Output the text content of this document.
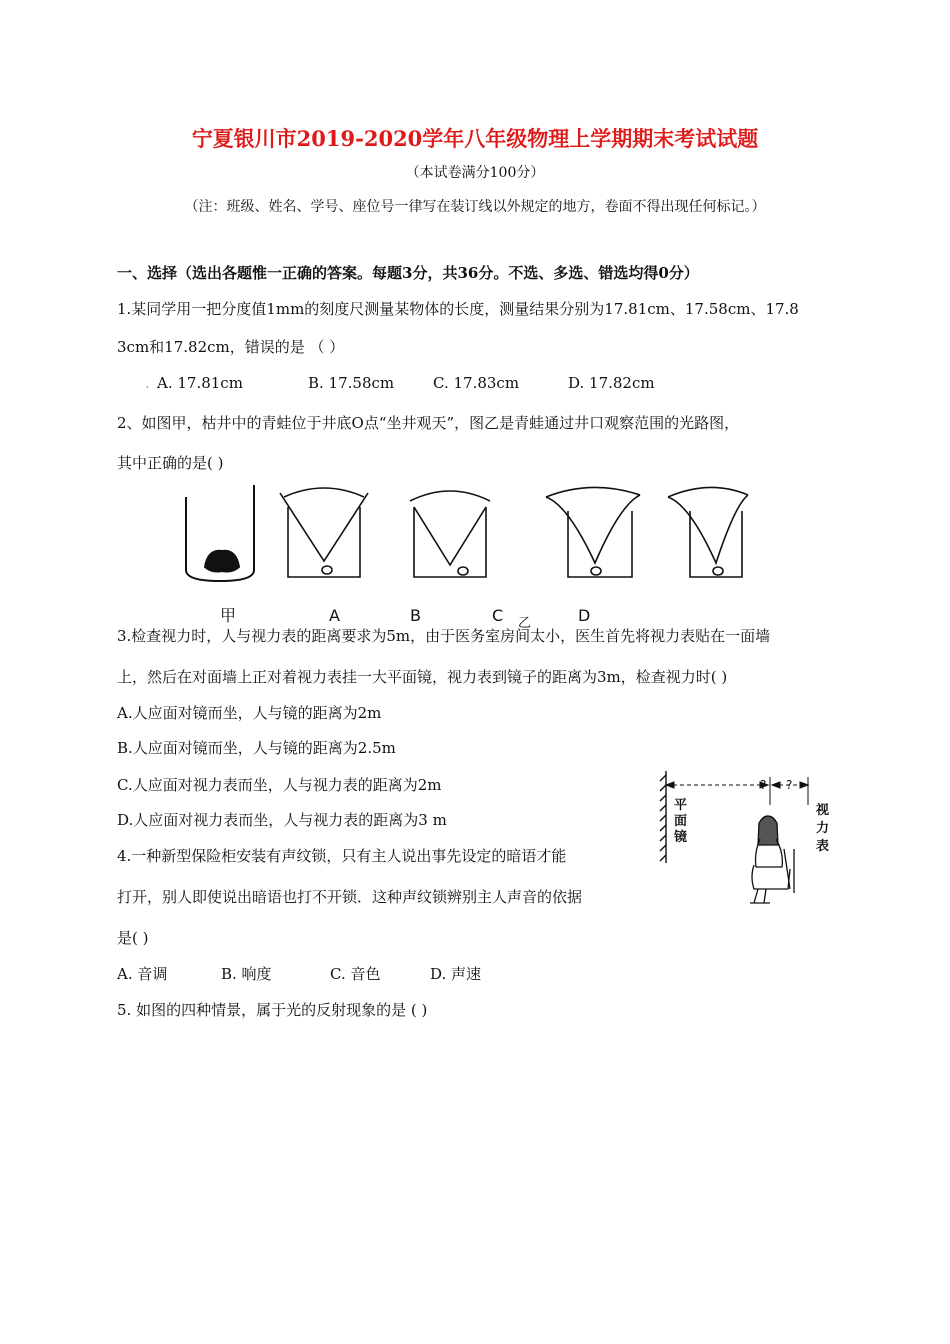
宁夏银川市2019-2020学年八年级物理上学期期末考试试题
（本试卷满分100分）
（注：班级、姓名、学号、座位号一律写在装订线以外规定的地方，卷面不得出现任何标记。）
一、选择（选出各题惟一正确的答案。每题3分，共36分。不选、多选、错选均得0分）
1.某同学用一把分度值1mm的刻度尺测量某物体的长度，测量结果分别为17.81cm、17.58cm、17.8
3cm和17.82cm，错误的是 （ ）
. A. 17.81cm	B. 17.58cm	C. 17.83cm	D. 17.82cm
2、如图甲，枯井中的青蛙位于井底O点“坐井观天”，图乙是青蛙通过井口观察范围的光路图，
其中正确的是( )
甲	A	B	C 乙	D
3.检查视力时，人与视力表的距离要求为5m，由于医务室房间太小，医生首先将视力表贴在一面墙
上，然后在对面墙上正对着视力表挂一大平面镜，视力表到镜子的距离为3m，检查视力时( )
A.人应面对镜而坐，人与镜的距离为2m
B.人应面对镜而坐，人与镜的距离为2.5m
C.人应面对视力表而坐，人与视力表的距离为2m
D.人应面对视力表而坐，人与视力表的距离为3 m
? ?
平
面
镜
视
力
表
4.一种新型保险柜安装有声纹锁，只有主人说出事先设定的暗语才能
打开，别人即使说出暗语也打不开锁．这种声纹锁辨别主人声音的依据
是( )
A. 音调	B. 响度	C. 音色	D. 声速
5. 如图的四种情景，属于光的反射现象的是 ( )
